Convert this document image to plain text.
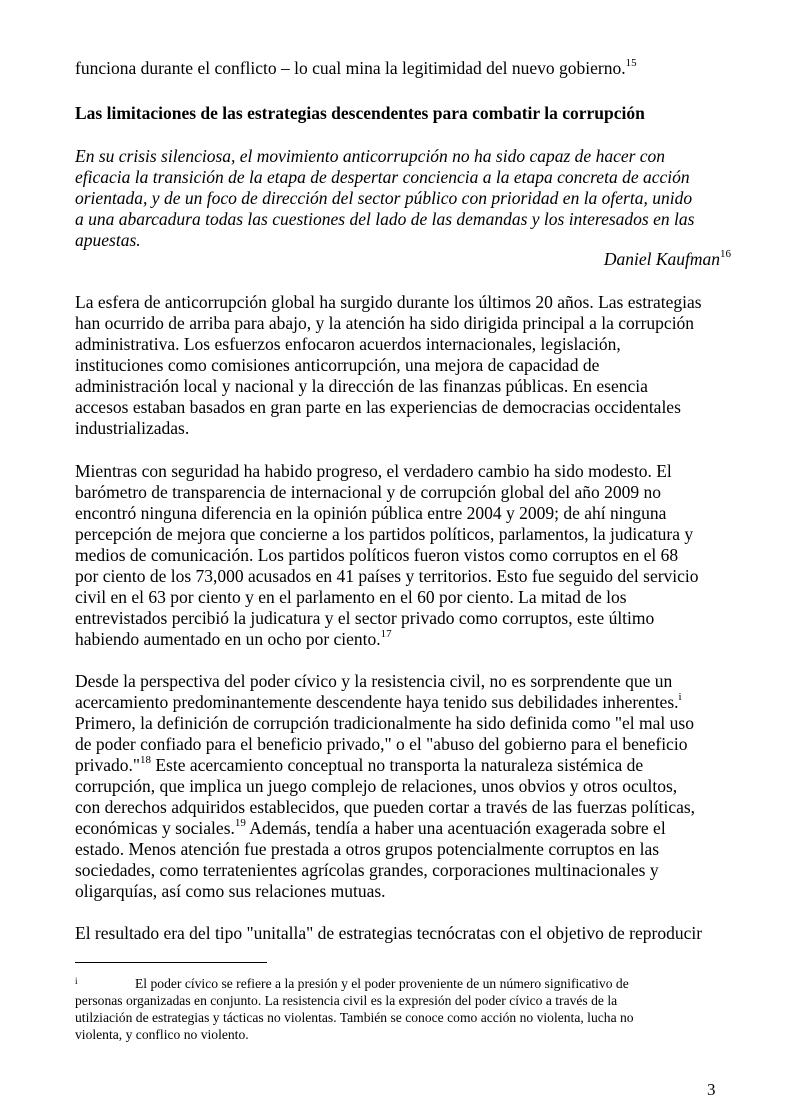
funciona durante el conflicto – lo cual mina la legitimidad del nuevo gobierno.$^{15}$
Las limitaciones de las estrategias descendentes para combatir la corrupción
En su crisis silenciosa, el movimiento anticorrupción no ha sido capaz de hacer con
eficacia la transición de la etapa de despertar conciencia a la etapa concreta de acción
orientada, y de un foco de dirección del sector público con prioridad en la oferta, unido
a una abarcadura todas las cuestiones del lado de las demandas y los interesados en las
apuestas.
Daniel Kaufman$^{16}$
La esfera de anticorrupción global ha surgido durante los últimos 20 años. Las estrategias
han ocurrido de arriba para abajo, y la atención ha sido dirigida principal a la corrupción
administrativa. Los esfuerzos enfocaron acuerdos internacionales, legislación,
instituciones como comisiones anticorrupción, una mejora de capacidad de
administración local y nacional y la dirección de las finanzas públicas. En esencia
accesos estaban basados en gran parte en las experiencias de democracias occidentales
industrializadas.
Mientras con seguridad ha habido progreso, el verdadero cambio ha sido modesto. El
barómetro de transparencia de internacional y de corrupción global del año 2009 no
encontró ninguna diferencia en la opinión pública entre 2004 y 2009; de ahí ninguna
percepción de mejora que concierne a los partidos políticos, parlamentos, la judicatura y
medios de comunicación. Los partidos políticos fueron vistos como corruptos en el 68
por ciento de los 73,000 acusados en 41 países y territorios. Esto fue seguido del servicio
civil en el 63 por ciento y en el parlamento en el 60 por ciento. La mitad de los
entrevistados percibió la judicatura y el sector privado como corruptos, este último
habiendo aumentado en un ocho por ciento.$^{17}$
Desde la perspectiva del poder cívico y la resistencia civil, no es sorprendente que un
acercamiento predominantemente descendente haya tenido sus debilidades inherentes.$^i$
Primero, la definición de corrupción tradicionalmente ha sido definida como "el mal uso
de poder confiado para el beneficio privado," o el "abuso del gobierno para el beneficio
privado."$^{18}$ Este acercamiento conceptual no transporta la naturaleza sistémica de
corrupción, que implica un juego complejo de relaciones, unos obvios y otros ocultos,
con derechos adquiridos establecidos, que pueden cortar a través de las fuerzas políticas,
económicas y sociales.$^{19}$ Además, tendía a haber una acentuación exagerada sobre el
estado. Menos atención fue prestada a otros grupos potencialmente corruptos en las
sociedades, como terratenientes agrícolas grandes, corporaciones multinacionales y
oligarquías, así como sus relaciones mutuas.
El resultado era del tipo "unitalla" de estrategias tecnócratas con el objetivo de reproducir
i	El poder cívico se refiere a la presión y el poder proveniente de un número significativo de
personas organizadas en conjunto. La resistencia civil es la expresión del poder cívico a través de la
utilziación de estrategias y tácticas no violentas. También se conoce como acción no violenta, lucha no
violenta, y conflico no violento.
3
